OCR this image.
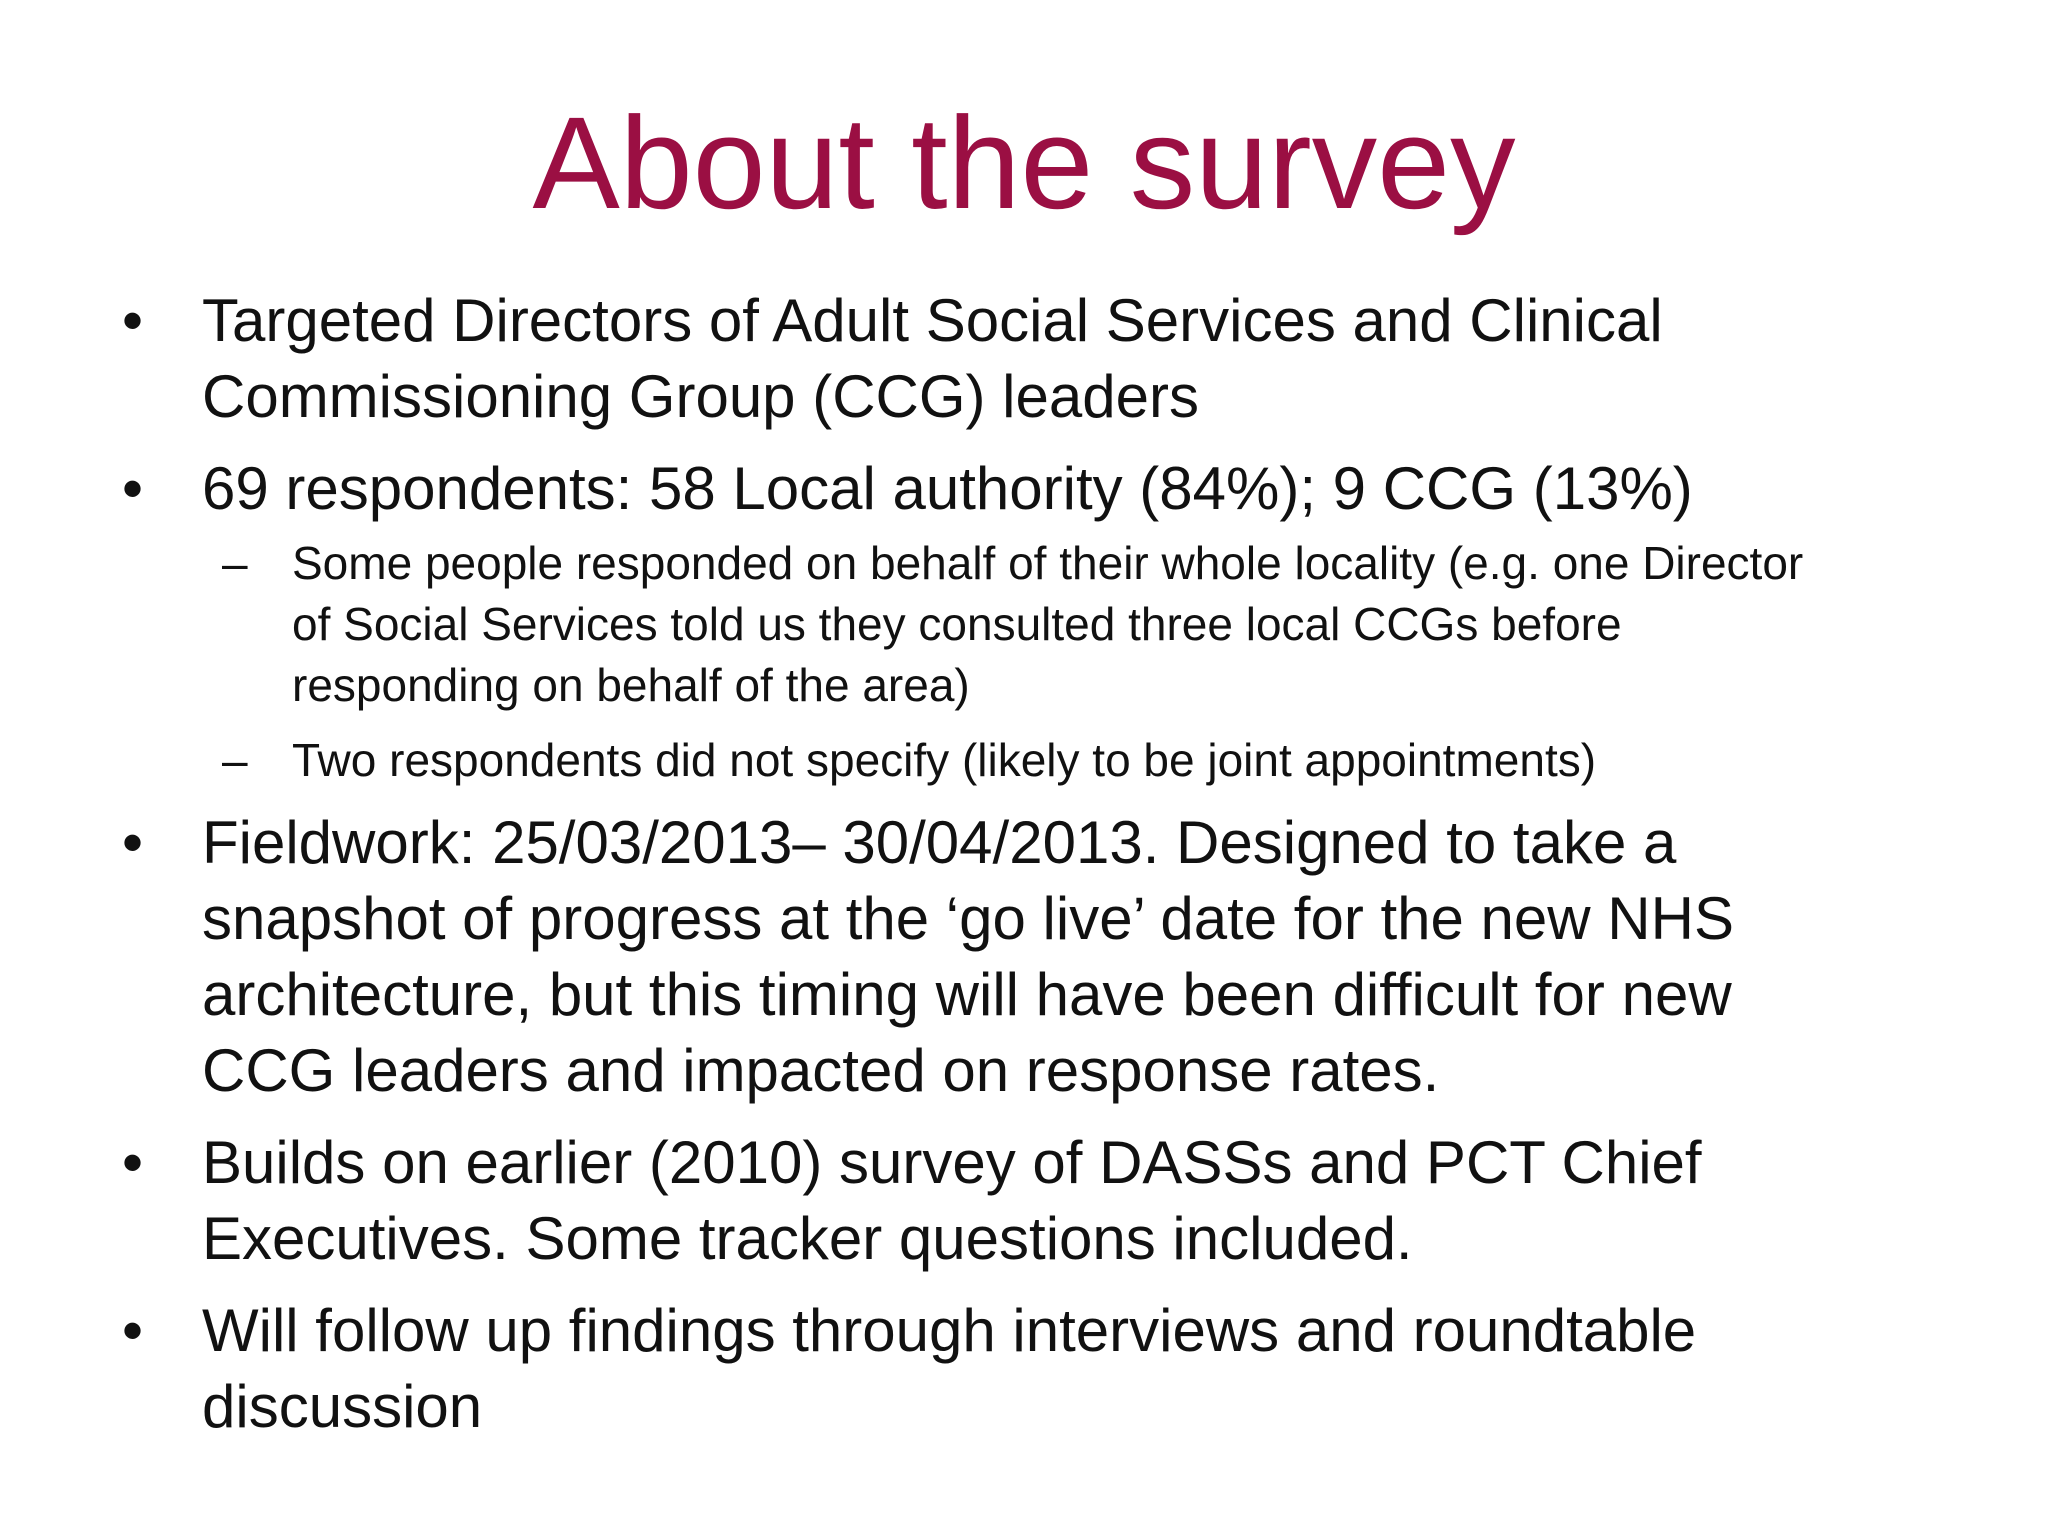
About the survey
• Targeted Directors of Adult Social Services and Clinical Commissioning Group (CCG) leaders
• 69 respondents: 58 Local authority (84%); 9 CCG (13%)
– Some people responded on behalf of their whole locality (e.g. one Director of Social Services told us they consulted three local CCGs before responding on behalf of the area)
– Two respondents did not specify (likely to be joint appointments)
• Fieldwork: 25/03/2013– 30/04/2013. Designed to take a snapshot of progress at the ‘go live’ date for the new NHS architecture, but this timing will have been difficult for new CCG leaders and impacted on response rates.
• Builds on earlier (2010) survey of DASSs and PCT Chief Executives. Some tracker questions included.
• Will follow up findings through interviews and roundtable discussion
